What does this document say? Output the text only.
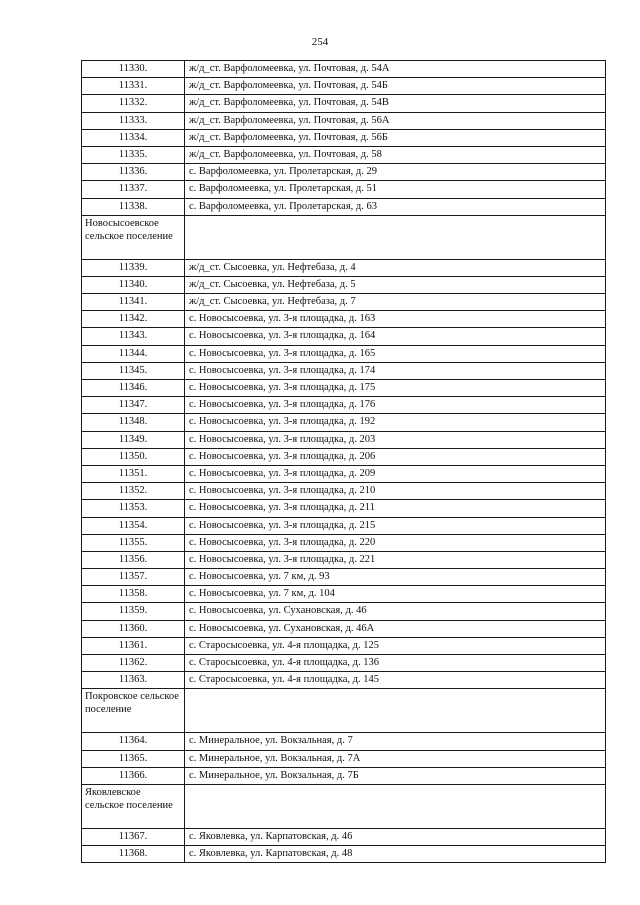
254
11330.	ж/д_ст. Варфоломеевка, ул. Почтовая, д. 54А
11331.	ж/д_ст. Варфоломеевка, ул. Почтовая, д. 54Б
11332.	ж/д_ст. Варфоломеевка, ул. Почтовая, д. 54В
11333.	ж/д_ст. Варфоломеевка, ул. Почтовая, д. 56А
11334.	ж/д_ст. Варфоломеевка, ул. Почтовая, д. 56Б
11335.	ж/д_ст. Варфоломеевка, ул. Почтовая, д. 58
11336.	с. Варфоломеевка, ул. Пролетарская, д. 29
11337.	с. Варфоломеевка, ул. Пролетарская, д. 51
11338.	с. Варфоломеевка, ул. Пролетарская, д. 63
Новосысоевское сельское поселение	
11339.	ж/д_ст. Сысоевка, ул. Нефтебаза, д. 4
11340.	ж/д_ст. Сысоевка, ул. Нефтебаза, д. 5
11341.	ж/д_ст. Сысоевка, ул. Нефтебаза, д. 7
11342.	с. Новосысоевка, ул. 3-я площадка, д. 163
11343.	с. Новосысоевка, ул. 3-я площадка, д. 164
11344.	с. Новосысоевка, ул. 3-я площадка, д. 165
11345.	с. Новосысоевка, ул. 3-я площадка, д. 174
11346.	с. Новосысоевка, ул. 3-я площадка, д. 175
11347.	с. Новосысоевка, ул. 3-я площадка, д. 176
11348.	с. Новосысоевка, ул. 3-я площадка, д. 192
11349.	с. Новосысоевка, ул. 3-я площадка, д. 203
11350.	с. Новосысоевка, ул. 3-я площадка, д. 206
11351.	с. Новосысоевка, ул. 3-я площадка, д. 209
11352.	с. Новосысоевка, ул. 3-я площадка, д. 210
11353.	с. Новосысоевка, ул. 3-я площадка, д. 211
11354.	с. Новосысоевка, ул. 3-я площадка, д. 215
11355.	с. Новосысоевка, ул. 3-я площадка, д. 220
11356.	с. Новосысоевка, ул. 3-я площадка, д. 221
11357.	с. Новосысоевка, ул. 7 км, д. 93
11358.	с. Новосысоевка, ул. 7 км, д. 104
11359.	с. Новосысоевка, ул. Сухановская, д. 46
11360.	с. Новосысоевка, ул. Сухановская, д. 46А
11361.	с. Старосысоевка, ул. 4-я площадка, д. 125
11362.	с. Старосысоевка, ул. 4-я площадка, д. 136
11363.	с. Старосысоевка, ул. 4-я площадка, д. 145
Покровское сельское поселение	
11364.	с. Минеральное, ул. Вокзальная, д. 7
11365.	с. Минеральное, ул. Вокзальная, д. 7А
11366.	с. Минеральное, ул. Вокзальная, д. 7Б
Яковлевское сельское поселение	
11367.	с. Яковлевка, ул. Карпатовская, д. 46
11368.	с. Яковлевка, ул. Карпатовская, д. 48
